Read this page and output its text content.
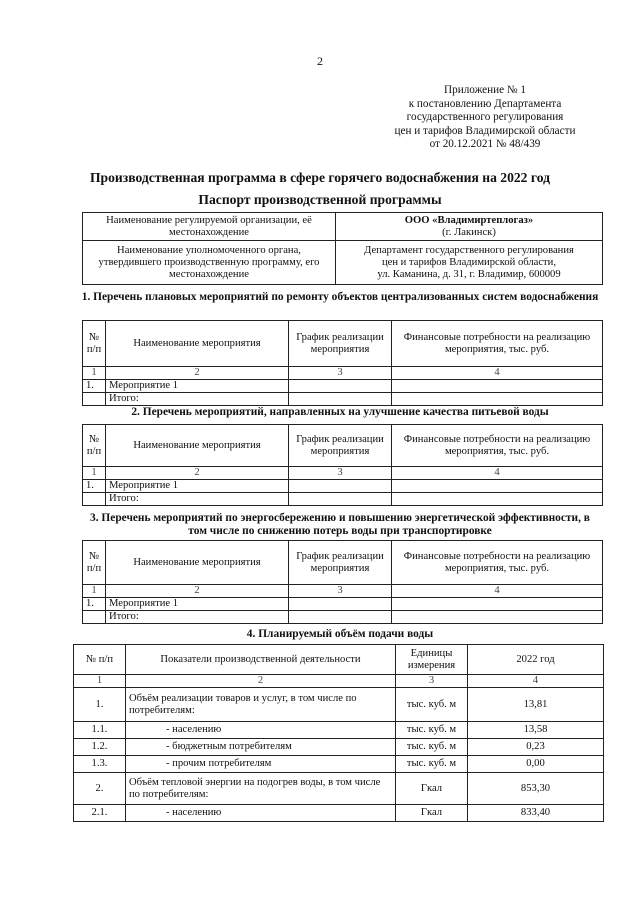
2
Приложение № 1
к постановлению Департамента
государственного регулирования
цен и тарифов Владимирской области
от 20.12.2021 № 48/439
Производственная программа в сфере горячего водоснабжения на 2022 год
Паспорт производственной программы
Наименование регулируемой организации, её местонахождение	ООО «Владимиртеплогаз»
(г. Лакинск)

Наименование уполномоченного органа, утвердившего производственную программу, его местонахождение	Департамент государственного регулирования
цен и тарифов Владимирской области,
ул. Каманина, д. 31, г. Владимир, 600009
1. Перечень плановых мероприятий по ремонту объектов централизованных систем водоснабжения
№ п/п	Наименование мероприятия	График реализации мероприятия	Финансовые потребности на реализацию мероприятия, тыс. руб.
1	2	3	4
1.	Мероприятие 1		
	Итого:		
2. Перечень мероприятий, направленных на улучшение качества питьевой воды
№ п/п	Наименование мероприятия	График реализации мероприятия	Финансовые потребности на реализацию мероприятия, тыс. руб.
1	2	3	4
1.	Мероприятие 1		
	Итого:		
3. Перечень мероприятий по энергосбережению и повышению энергетической эффективности, в том числе по снижению потерь воды при транспортировке
№ п/п	Наименование мероприятия	График реализации мероприятия	Финансовые потребности на реализацию мероприятия, тыс. руб.
1	2	3	4
1.	Мероприятие 1		
	Итого:		
4. Планируемый объём подачи воды
№ п/п	Показатели производственной деятельности	Единицы измерения	2022 год
1	2	3	4
1.	Объём реализации товаров и услуг, в том числе по потребителям:	тыс. куб. м	13,81
1.1.	- населению	тыс. куб. м	13,58
1.2.	- бюджетным потребителям	тыс. куб. м	0,23
1.3.	- прочим потребителям	тыс. куб. м	0,00
2.	Объём тепловой энергии на подогрев воды, в том числе по потребителям:	Гкал	853,30
2.1.	- населению	Гкал	833,40
